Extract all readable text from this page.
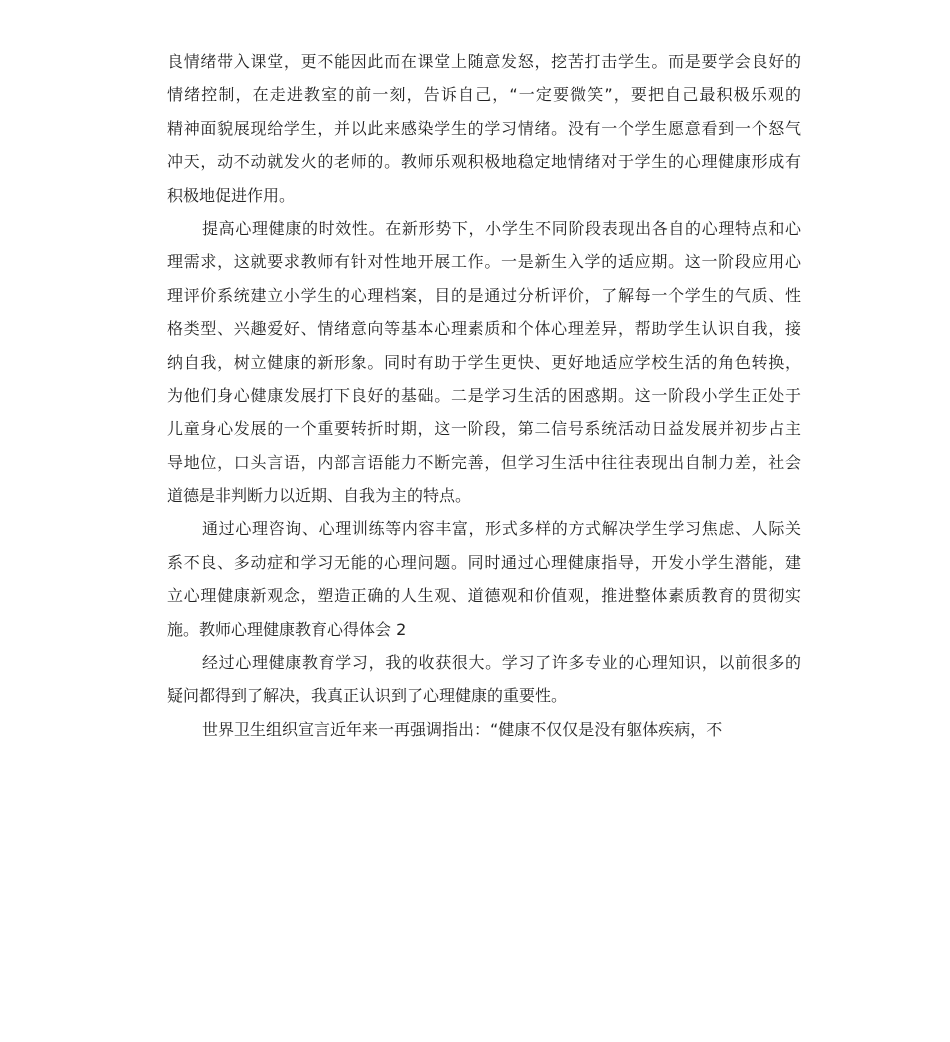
良情绪带入课堂，更不能因此而在课堂上随意发怒，挖苦打击学生。而是要学会良好的
情绪控制，在走进教室的前一刻，告诉自己，“一定要微笑”，要把自己最积极乐观的
精神面貌展现给学生，并以此来感染学生的学习情绪。没有一个学生愿意看到一个怒气
冲天，动不动就发火的老师的。教师乐观积极地稳定地情绪对于学生的心理健康形成有
积极地促进作用。
提高心理健康的时效性。在新形势下，小学生不同阶段表现出各自的心理特点和心
理需求，这就要求教师有针对性地开展工作。一是新生入学的适应期。这一阶段应用心
理评价系统建立小学生的心理档案，目的是通过分析评价，了解每一个学生的气质、性
格类型、兴趣爱好、情绪意向等基本心理素质和个体心理差异，帮助学生认识自我，接
纳自我，树立健康的新形象。同时有助于学生更快、更好地适应学校生活的角色转换，
为他们身心健康发展打下良好的基础。二是学习生活的困惑期。这一阶段小学生正处于
儿童身心发展的一个重要转折时期，这一阶段，第二信号系统活动日益发展并初步占主
导地位，口头言语，内部言语能力不断完善，但学习生活中往往表现出自制力差，社会
道德是非判断力以近期、自我为主的特点。
通过心理咨询、心理训练等内容丰富，形式多样的方式解决学生学习焦虑、人际关
系不良、多动症和学习无能的心理问题。同时通过心理健康指导，开发小学生潜能，建
立心理健康新观念，塑造正确的人生观、道德观和价值观，推进整体素质教育的贯彻实
施。教师心理健康教育心得体会 2
经过心理健康教育学习，我的收获很大。学习了许多专业的心理知识，以前很多的
疑问都得到了解决，我真正认识到了心理健康的重要性。
世界卫生组织宣言近年来一再强调指出：“健康不仅仅是没有躯体疾病，不
